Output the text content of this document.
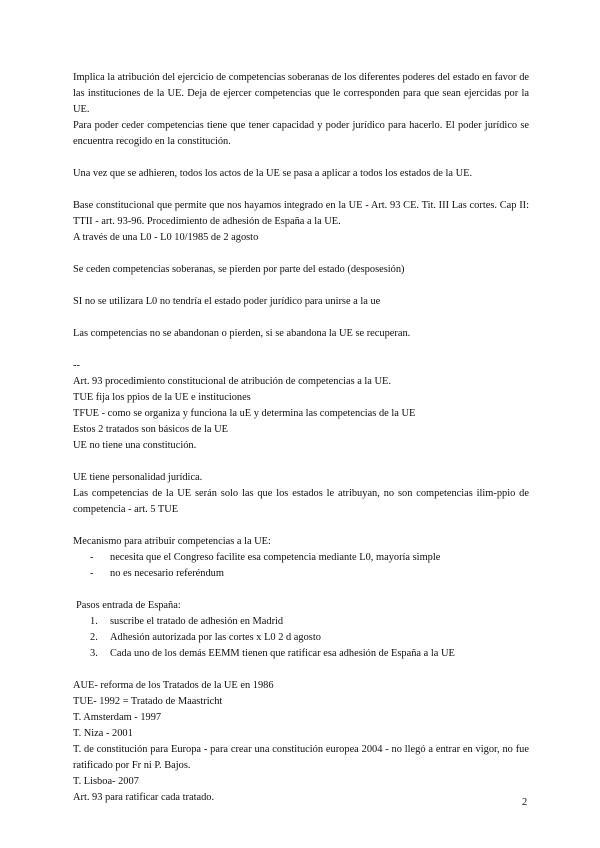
Implica la atribución del ejercicio de competencias soberanas de los diferentes poderes del estado en favor de las instituciones de la UE. Deja de ejercer competencias que le corresponden para que sean ejercidas por la UE.

Para poder ceder competencias tiene que tener capacidad y poder jurídico para hacerlo. El poder jurídico se encuentra recogido en la constitución.

Una vez que se adhieren, todos los actos de la UE se pasa a aplicar a todos los estados de la UE.

Base constitucional que permite que nos hayamos integrado en la UE - Art. 93 CE. Tit. III Las cortes. Cap II: TTII - art. 93-96. Procedimiento de adhesión de España a la UE.

A través de una L0 - L0 10/1985 de 2 agosto

Se ceden competencias soberanas, se pierden por parte del estado (desposesión)

SI no se utilizara L0 no tendría el estado poder jurídico para unirse a la ue

Las competencias no se abandonan o pierden, si se abandona la UE se recuperan.

--

Art. 93 procedimiento constitucional de atribución de competencias a la UE.

TUE fija los ppios de la UE e instituciones

TFUE - como se organiza y funciona la uE y determina las competencias de la UE

Estos 2 tratados son básicos de la UE

UE no tiene una constitución.

UE tiene personalidad jurídica.

Las competencias de la UE serán solo las que los estados le atribuyan, no son competencias ilim-ppio de competencia - art. 5 TUE

Mecanismo para atribuir competencias a la UE:

- necesita que el Congreso facilite esa competencia mediante L0, mayoría simple
- no es necesario referéndum

Pasos entrada de España:

1. suscribe el tratado de adhesión en Madrid
2. Adhesión autorizada por las cortes x L0 2 d agosto
3. Cada uno de los demás EEMM tienen que ratificar esa adhesión de España a la UE

AUE- reforma de los Tratados de la UE en 1986

TUE- 1992 = Tratado de Maastricht

T. Amsterdam - 1997

T. Niza - 2001

T. de constitución para Europa - para crear una constitución europea 2004 - no llegó a entrar en vigor, no fue ratificado por Fr ni P. Bajos.

T. Lisboa- 2007

Art. 93 para ratificar cada tratado.	2
